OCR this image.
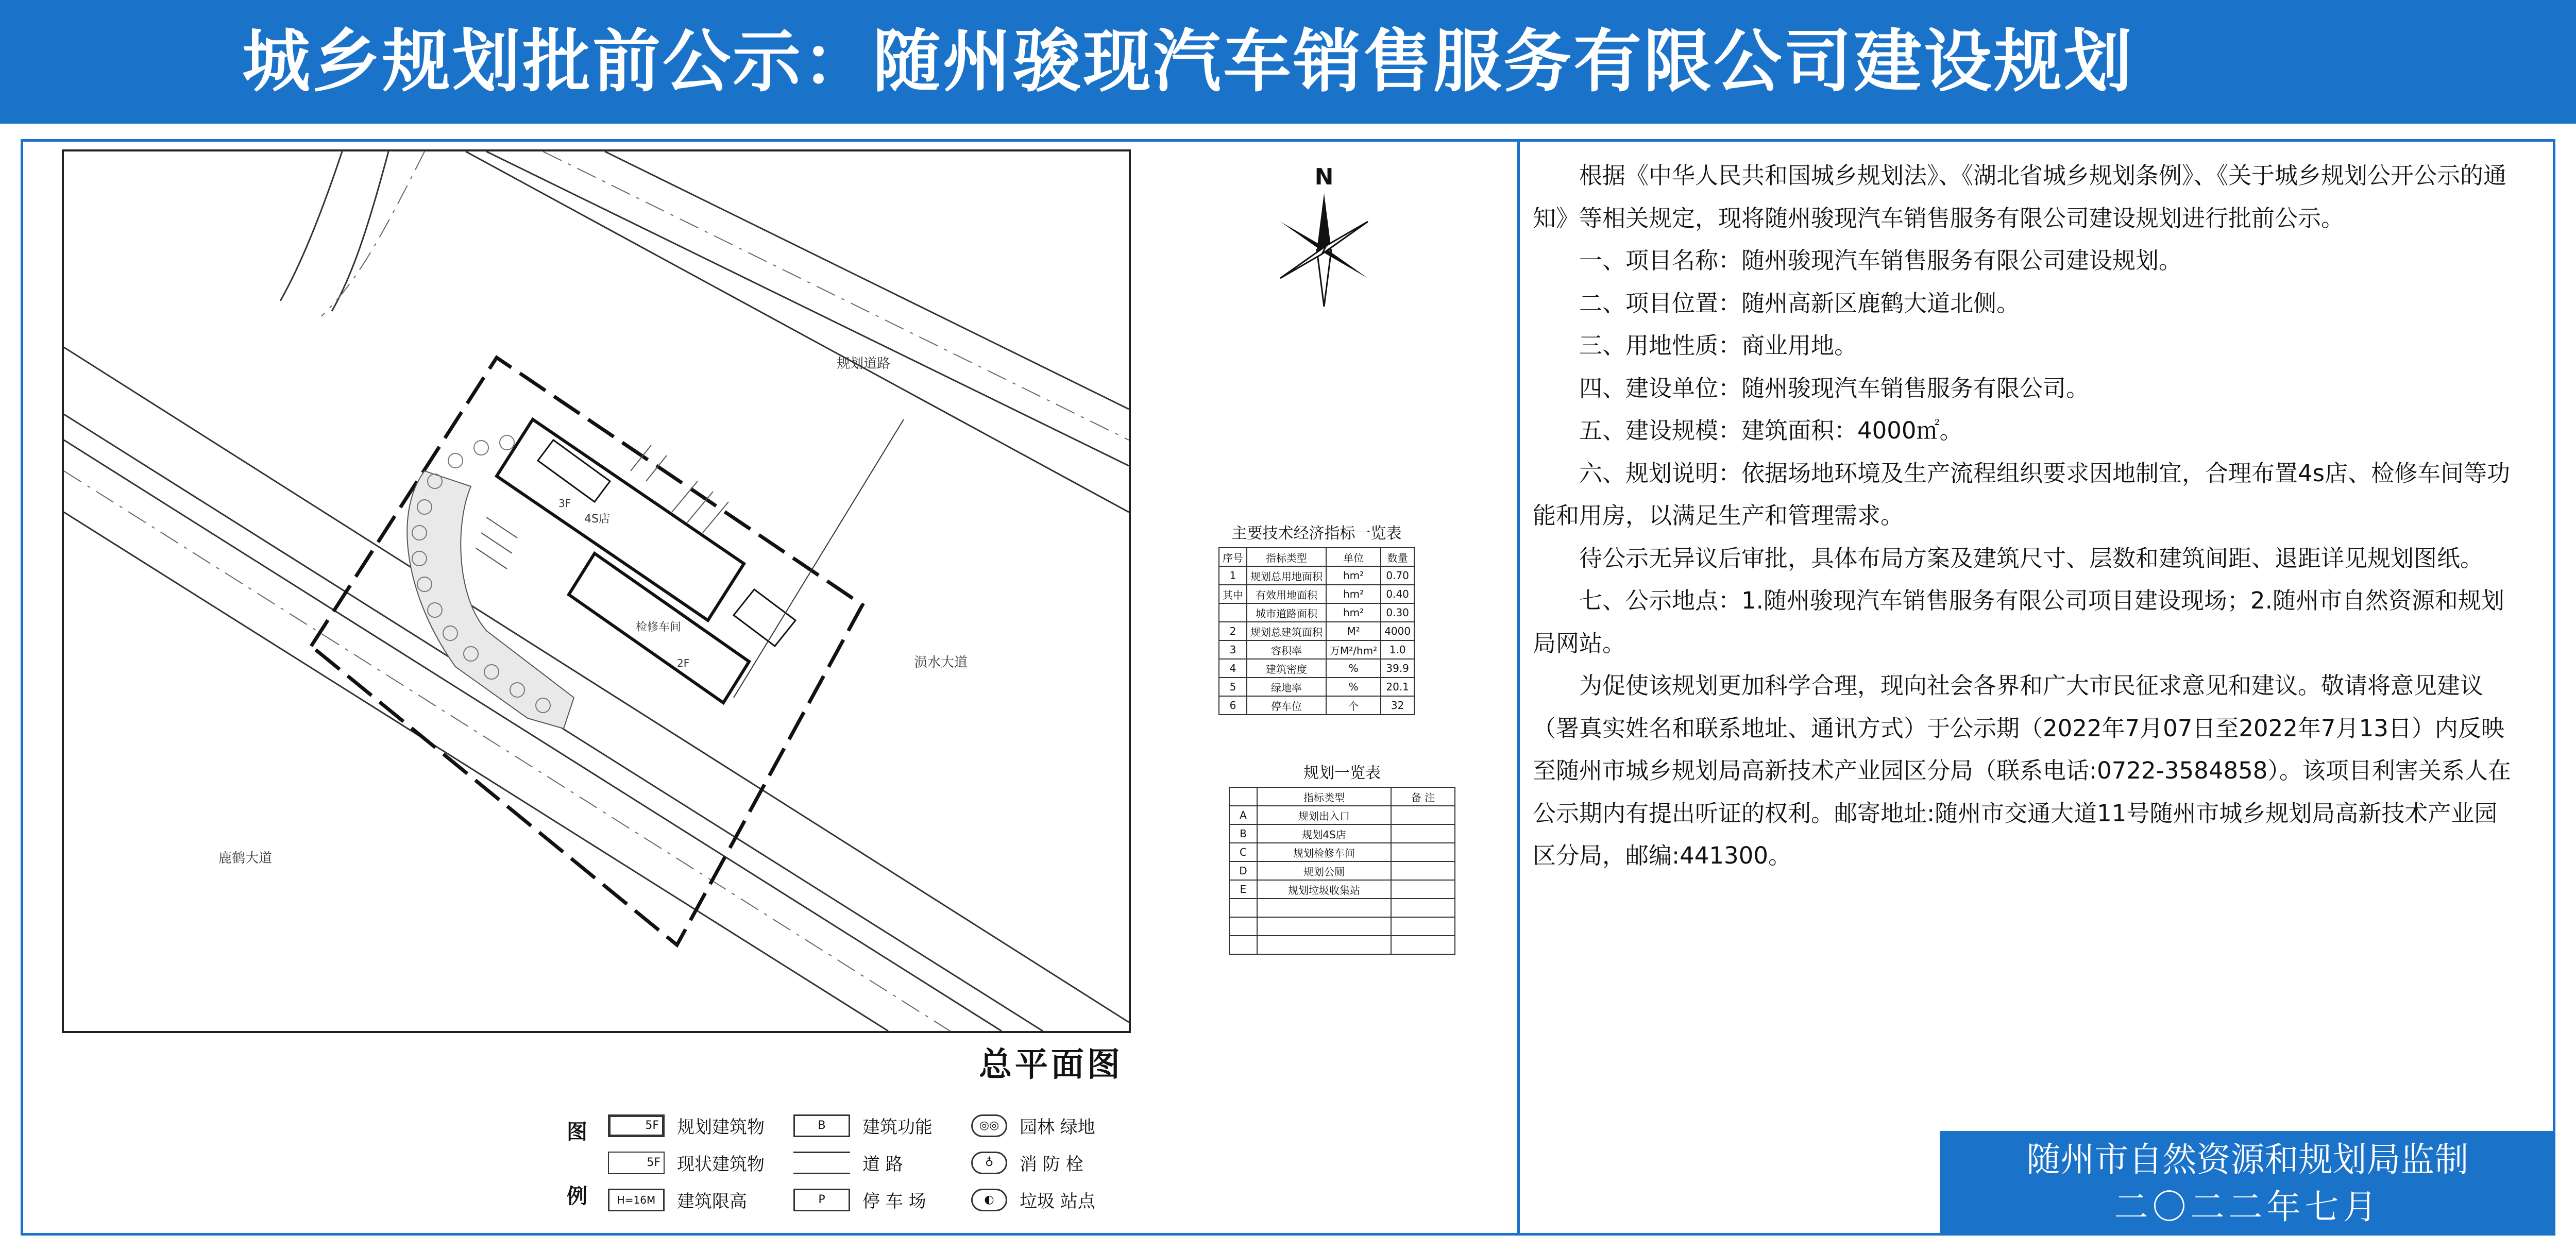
城乡规划批前公示：随州骏现汽车销售服务有限公司建设规划
规划道路
涢水大道
鹿鹤大道
4S店
检修车间
3F
2F
N
总平面图
主要技术经济指标一览表
序号	指标类型	单位	数量
1	规划总用地面积	hm²	0.70
其中	有效用地面积	hm²	0.40
	城市道路面积	hm²	0.30
2	规划总建筑面积	M²	4000
3	容积率	万M²/hm²	1.0
4	建筑密度	%	39.9
5	绿地率	%	20.1
6	停车位	个	32
规划一览表
	指标类型	备 注
A	规划出入口	
B	规划4S店	
C	规划检修车间	
D	规划公厕	
E	规划垃圾收集站	

图
例
5F	规划建筑物	B	建筑功能	◎◎	园林 绿地
5F 现状建筑物	道 路	♁	消 防 栓
H=16M	建筑限高	P	停 车 场	◐	垃圾 站点

根据《中华人民共和国城乡规划法》、《湖北省城乡规划条例》、《关于城乡规划公开公示的通知》等相关规定，现将随州骏现汽车销售服务有限公司建设规划进行批前公示。

一、项目名称：随州骏现汽车销售服务有限公司建设规划。

二、项目位置：随州高新区鹿鹤大道北侧。

三、用地性质：商业用地。

四、建设单位：随州骏现汽车销售服务有限公司。

五、建设规模：建筑面积：4000㎡。

六、规划说明：依据场地环境及生产流程组织要求因地制宜，合理布置4s店、检修车间等功能和用房，以满足生产和管理需求。

待公示无异议后审批，具体布局方案及建筑尺寸、层数和建筑间距、退距详见规划图纸。

七、公示地点：1.随州骏现汽车销售服务有限公司项目建设现场；2.随州市自然资源和规划局网站。

为促使该规划更加科学合理，现向社会各界和广大市民征求意见和建议。敬请将意见建议（署真实姓名和联系地址、通讯方式）于公示期（2022年7月07日至2022年7月13日）内反映至随州市城乡规划局高新技术产业园区分局（联系电话:0722-3584858）。该项目利害关系人在公示期内有提出听证的权利。邮寄地址:随州市交通大道11号随州市城乡规划局高新技术产业园区分局，邮编:441300。

随州市自然资源和规划局监制
二〇二二年七月
